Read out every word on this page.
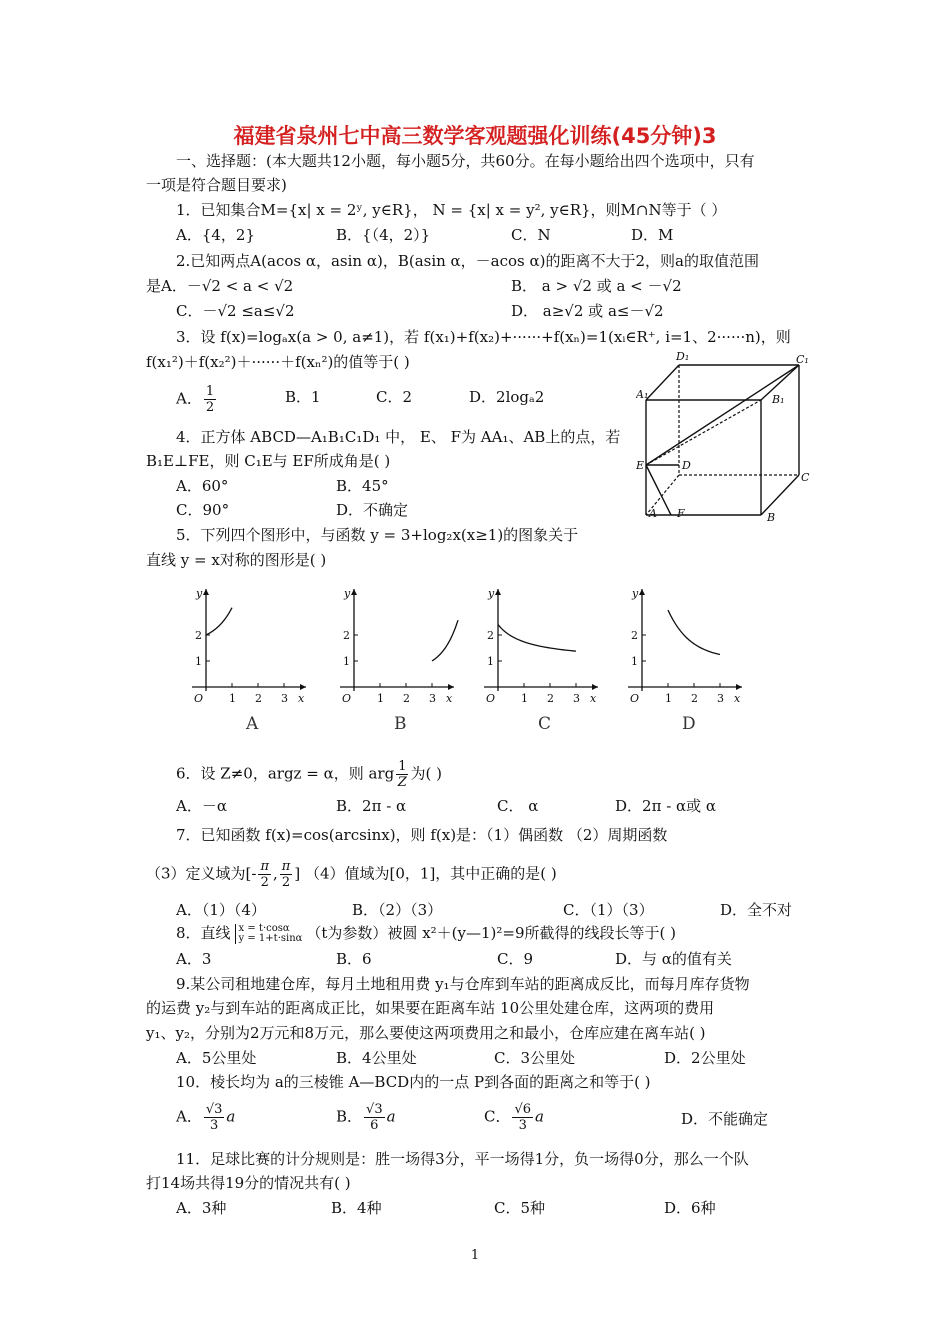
福建省泉州七中高三数学客观题强化训练(45分钟)3
一、选择题：(本大题共12小题，每小题5分，共60分。在每小题给出四个选项中，只有
一项是符合题目要求)
1．已知集合M={x| x = 2ʸ, y∈R}， N = {x| x = y², y∈R}，则M∩N等于（ ）
A．{4，2}	B．{（4，2）}	C．N	D．M
2.已知两点A(acos α，asin α)，B(asin α，－acos α)的距离不大于2，则a的取值范围
是A．－√2 < a < √2	B． a > √2 或 a < －√2
C．－√2 ≤a≤√2	D． a≥√2 或 a≤－√2
3．设 f(x)=logₐx(a > 0, a≠1)，若 f(x₁)+f(x₂)+······+f(xₙ)=1(xᵢ∈R⁺, i=1、2······n)，则
f(x₁²)＋f(x₂²)＋······＋f(xₙ²)的值等于( )
A． $\frac{1}{2}$	B．1	C．2	D．2logₐ2
D₁	C₁
A₁	B₁
E	D
C
A F	B
4．正方体 ABCD—A₁B₁C₁D₁ 中， E、 F为 AA₁、AB上的点，若
B₁E⊥FE，则 C₁E与 EF所成角是( )
A．60°	B．45°
C．90°	D．不确定
5．下列四个图形中，与函数 y = 3+log₂x(x≥1)的图象关于
直线 y = x对称的图形是( )
y
x
O 1 2 3
1
2
A
y
x
O 1 2 3
1
2
B
y
x
O 1 2 3
1
2
C
y
x
O 1 2 3
1
2
D
6．设 Z≠0，argz = α，则 arg $\frac{1}{Z}$ 为( )
A．－α	B．2π - α	C． α	D．2π - α或 α
7．已知函数 f(x)=cos(arcsinx)，则 f(x)是：（1）偶函数 （2）周期函数
（3）定义域为[- $\frac{\pi}{2}$ , $\frac{\pi}{2}$ ] （4）值域为[0，1]，其中正确的是( )
A．（1）（4）	B．（2）（3）	C．（1）（3）	D．全不对
8．直线 x = t·cosα
y = 1+t·sinα （t为参数）被圆 x²＋(y—1)²=9所截得的线段长等于( )
A．3	B．6	C．9	D．与 α的值有关
9.某公司租地建仓库，每月土地租用费 y₁与仓库到车站的距离成反比，而每月库存货物
的运费 y₂与到车站的距离成正比，如果要在距离车站 10公里处建仓库，这两项的费用
y₁、y₂，分别为2万元和8万元，那么要使这两项费用之和最小，仓库应建在离车站( )
A．5公里处	B．4公里处	C．3公里处	D．2公里处
10．棱长均为 a的三棱锥 A—BCD内的一点 P到各面的距离之和等于( )
A． $\frac{√3}{3}$ a	B． $\frac{√3}{6}$ a	C． $\frac{√6}{3}$ a	D．不能确定
11．足球比赛的计分规则是：胜一场得3分，平一场得1分，负一场得0分，那么一个队
打14场共得19分的情况共有( )
A．3种	B．4种	C．5种	D．6种
1
